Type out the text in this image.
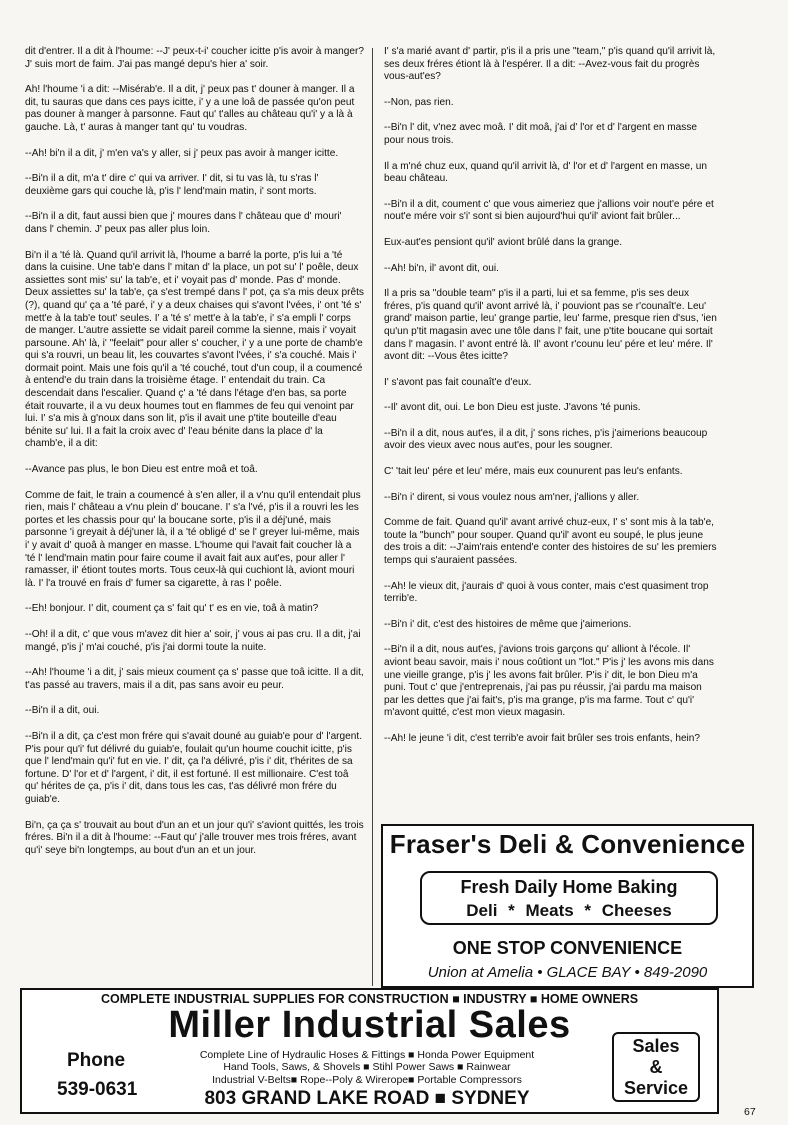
dit d'entrer. Il a dit à l'houme: --J' peux-t-i' coucher icitte p'is avoir à manger? J' suis mort de faim. J'ai pas mangé depu's hier a' soir.

Ah! l'houme 'i a dit: --Misérab'e. Il a dit, j' peux pas t' douner à manger. Il a dit, tu sauras que dans ces pays icitte, i' y a une loâ de passée qu'on peut pas douner à manger à parsonne. Faut qu' t'alles au château qu'i' y a là à gauche. Là, t' auras à manger tant qu' tu voudras.

--Ah! bi'n il a dit, j' m'en va's y aller, si j' peux pas avoir à manger icitte.

--Bi'n il a dit, m'a t' dire c' qui va arriver. I' dit, si tu vas là, tu s'ras l' deuxième gars qui couche là, p'is l' lend'main matin, i' sont morts.

--Bi'n il a dit, faut aussi bien que j' moures dans l' château que d' mouri' dans l' chemin. J' peux pas aller plus loin.

Bi'n il a 'té là. Quand qu'il arrivit là, l'houme a barré la porte, p'is lui a 'té dans la cuisine. Une tab'e dans l' mitan d' la place, un pot su' l' poêle, deux assiettes sont mis' su' la tab'e, et i' voyait pas d' monde. Pas d' monde. Deux assiettes su' la tab'e, ça s'est trempé dans l' pot, ça s'a mis deux prêts (?), quand qu' ça a 'té paré, i' y a deux chaises qui s'avont l'vées, i' ont 'té s' mett'e à la tab'e tout' seules. I' a 'té s' mett'e à la tab'e, i' s'a empli l' corps de manger. L'autre assiette se vidait pareil comme la sienne, mais i' voyait parsoune. Ah' là, i' "feelait" pour aller s' coucher, i' y a une porte de chamb'e qui s'a rouvri, un beau lit, les couvartes s'avont l'vées, i' s'a couché. Mais i' dormait point. Mais une fois qu'il a 'té couché, tout d'un coup, il a coumencé à entend'e du train dans la troisième étage. I' entendait du train. Ca descendait dans l'escalier. Quand ç' a 'té dans l'étage d'en bas, sa porte était rouvarte, il a vu deux houmes tout en flammes de feu qui venoint par lui. I' s'a mis à g'noux dans son lit, p'is il avait une p'tite bouteille d'eau bénite su' lui. Il a fait la croix avec d' l'eau bénite dans la place d' la chamb'e, il a dit:

--Avance pas plus, le bon Dieu est entre moâ et toâ.

Comme de fait, le train a coumencé à s'en aller, il a v'nu qu'il entendait plus rien, mais l' château a v'nu plein d' boucane. I' s'a l'vé, p'is il a rouvri les les portes et les chassis pour qu' la boucane sorte, p'is il a déj'uné, mais parsonne 'i greyait à déj'uner là, il a 'té obligé d' se l' greyer lui-même, mais i' y avait d' quoâ à manger en masse. L'houme qui l'avait fait coucher là a 'té l' lend'main matin pour faire coume il avait fait aux aut'es, pour aller l' ramasser, il' étiont toutes morts. Tous ceux-là qui cuchiont là, aviont mouri là. I' l'a trouvé en frais d' fumer sa cigarette, à ras l' poêle.

--Eh! bonjour. I' dit, coument ça s' fait qu' t' es en vie, toâ à matin?

--Oh! il a dit, c' que vous m'avez dit hier a' soir, j' vous ai pas cru. Il a dit, j'ai mangé, p'is j' m'ai couché, p'is j'ai dormi toute la nuite.

--Ah! l'houme 'i a dit, j' sais mieux coument ça s' passe que toâ icitte. Il a dit, t'as passé au travers, mais il a dit, pas sans avoir eu peur.

--Bi'n il a dit, oui.

--Bi'n il a dit, ça c'est mon frére qui s'avait douné au guiab'e pour d' l'argent. P'is pour qu'i' fut délivré du guiab'e, foulait qu'un houme couchit icitte, p'is que l' lend'main qu'i' fut en vie. I' dit, ça l'a délivré, p'is i' dit, t'hérites de sa fortune. D' l'or et d' l'argent, i' dit, il est fortuné. Il est millionaire. C'est toâ qu' hérites de ça, p'is i' dit, dans tous les cas, t'as délivré mon frére du guiab'e.

Bi'n, ça ça s' trouvait au bout d'un an et un jour qu'i' s'aviont quittés, les trois fréres. Bi'n il a dit à l'houme: --Faut qu' j'alle trouver mes trois fréres, avant qu'i' seye bi'n longtemps, au bout d'un an et un jour.

I' s'a marié avant d' partir, p'is il a pris une "team," p'is quand qu'il arrivit là, ses deux fréres étiont là à l'espérer. Il a dit: --Avez-vous fait du progrès vous-aut'es?

--Non, pas rien.

--Bi'n l' dit, v'nez avec moâ. I' dit moâ, j'ai d' l'or et d' l'argent en masse pour nous trois.

Il a m'né chuz eux, quand qu'il arrivit là, d' l'or et d' l'argent en masse, un beau château.

--Bi'n il a dit, coument c' que vous aimeriez que j'allions voir nout'e pére et nout'e mére voir s'i' sont si bien aujourd'hui qu'il' aviont fait brûler...

Eux-aut'es pensiont qu'il' aviont brûlé dans la grange.

--Ah! bi'n, il' avont dit, oui.

Il a pris sa "double team" p'is il a parti, lui et sa femme, p'is ses deux fréres, p'is quand qu'il' avont arrivé là, i' pouviont pas se r'counaît'e. Leu' grand' maison partie, leu' grange partie, leu' farme, presque rien d'sus, 'ien qu'un p'tit magasin avec une tôle dans l' fait, une p'tite boucane qui sortait dans l' magasin. I' avont entré là. Il' avont r'counu leu' pére et leu' mére. Il' avont dit: --Vous êtes icitte?

I' s'avont pas fait counaît'e d'eux.

--Il' avont dit, oui. Le bon Dieu est juste. J'avons 'té punis.

--Bi'n il a dit, nous aut'es, il a dit, j' sons riches, p'is j'aimerions beaucoup avoir des vieux avec nous aut'es, pour les sougner.

C' 'tait leu' pére et leu' mére, mais eux counurent pas leu's enfants.

--Bi'n i' dirent, si vous voulez nous am'ner, j'allions y aller.

Comme de fait. Quand qu'il' avant arrivé chuz-eux, I' s' sont mis à la tab'e, toute la "bunch" pour souper. Quand qu'il' avont eu soupé, le plus jeune des trois a dit: --J'aim'rais entend'e conter des histoires de su' les premiers temps qui s'auraient passées.

--Ah! le vieux dit, j'aurais d' quoi à vous conter, mais c'est quasiment trop terrib'e.

--Bi'n i' dit, c'est des histoires de même que j'aimerions.

--Bi'n il a dit, nous aut'es, j'avions trois garçons qu' alliont à l'école. Il' aviont beau savoir, mais i' nous coûtiont un "lot." P'is j' les avons mis dans une vieille grange, p'is j' les avons fait brûler. P'is i' dit, le bon Dieu m'a puni. Tout c' que j'entreprenais, j'ai pas pu réussir, j'ai pardu ma maison par les dettes que j'ai fait's, p'is ma grange, p'is ma farme. Tout c' qu'i' m'avont quitté, c'est mon vieux magasin.

--Ah! le jeune 'i dit, c'est terrib'e avoir fait brûler ses trois enfants, hein?

Fraser's Deli & Convenience
Fresh Daily Home Baking
Deli * Meats * Cheeses
ONE STOP CONVENIENCE
Union at Amelia • GLACE BAY • 849-2090
COMPLETE INDUSTRIAL SUPPLIES FOR CONSTRUCTION ■ INDUSTRY ■ HOME OWNERS
Miller Industrial Sales
Phone
539-0631
Complete Line of Hydraulic Hoses & Fittings ■ Honda Power Equipment
Hand Tools, Saws, & Shovels ■ Stihl Power Saws ■ Rainwear
Industrial V-Belts■ Rope--Poly & Wirerope■ Portable Compressors
803 GRAND LAKE ROAD ■ SYDNEY
Sales
&
Service
67
